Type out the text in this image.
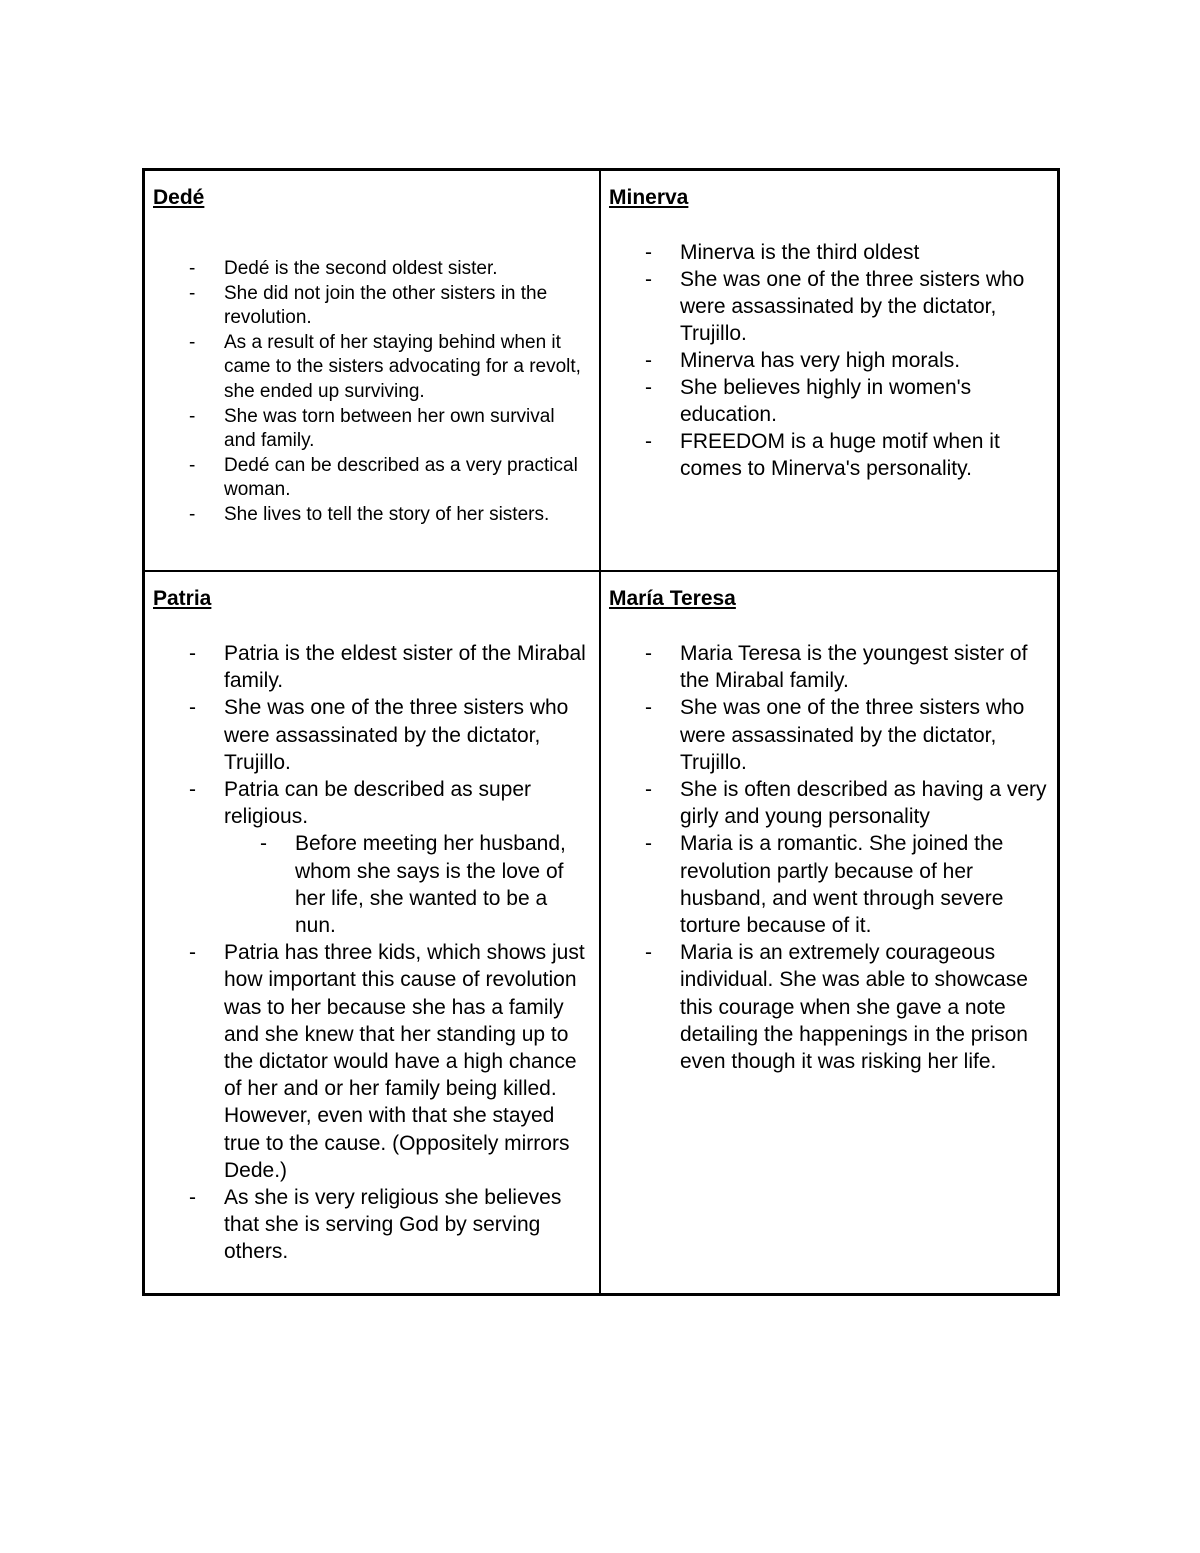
Dedé

- Dedé is the second oldest sister.
- She did not join the other sisters in the revolution.
- As a result of her staying behind when it came to the sisters advocating for a revolt, she ended up surviving.
- She was torn between her own survival and family.
- Dedé can be described as a very practical woman.
- She lives to tell the story of her sisters.

Minerva

- Minerva is the third oldest
- She was one of the three sisters who were assassinated by the dictator, Trujillo.
- Minerva has very high morals.
- She believes highly in women's education.
- FREEDOM is a huge motif when it comes to Minerva's personality.

Patria

- Patria is the eldest sister of the Mirabal family.
- She was one of the three sisters who were assassinated by the dictator, Trujillo.
- Patria can be described as super religious.
- Before meeting her husband, whom she says is the love of her life, she wanted to be a nun.
- Patria has three kids, which shows just how important this cause of revolution was to her because she has a family and she knew that her standing up to the dictator would have a high chance of her and or her family being killed. However, even with that she stayed true to the cause. (Oppositely mirrors Dede.)
- As she is very religious she believes that she is serving God by serving others.

María Teresa

- Maria Teresa is the youngest sister of the Mirabal family.
- She was one of the three sisters who were assassinated by the dictator, Trujillo.
- She is often described as having a very girly and young personality
- Maria is a romantic. She joined the revolution partly because of her husband, and went through severe torture because of it.
- Maria is an extremely courageous individual. She was able to showcase this courage when she gave a note detailing the happenings in the prison even though it was risking her life.
